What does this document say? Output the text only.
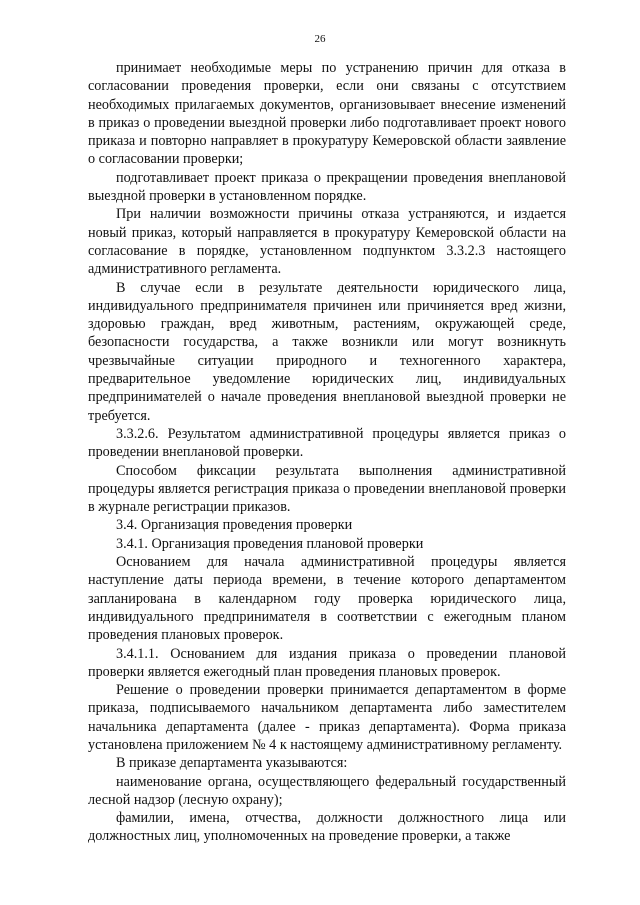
26

принимает необходимые меры по устранению причин для отказа в согласовании проведения проверки, если они связаны с отсутствием необходимых прилагаемых документов, организовывает внесение изменений в приказ о проведении выездной проверки либо подготавливает проект нового приказа и повторно направляет в прокуратуру Кемеровской области заявление о согласовании проверки;

подготавливает проект приказа о прекращении проведения внеплановой выездной проверки в установленном порядке.

При наличии возможности причины отказа устраняются, и издается новый приказ, который направляется в прокуратуру Кемеровской области на согласование в порядке, установленном подпунктом 3.3.2.3 настоящего административного регламента.

В случае если в результате деятельности юридического лица, индивидуального предпринимателя причинен или причиняется вред жизни, здоровью граждан, вред животным, растениям, окружающей среде, безопасности государства, а также возникли или могут возникнуть чрезвычайные ситуации природного и техногенного характера, предварительное уведомление юридических лиц, индивидуальных предпринимателей о начале проведения внеплановой выездной проверки не требуется.

3.3.2.6. Результатом административной процедуры является приказ о проведении внеплановой проверки.

Способом фиксации результата выполнения административной процедуры является регистрация приказа о проведении внеплановой проверки в журнале регистрации приказов.

3.4. Организация проведения проверки

3.4.1. Организация проведения плановой проверки

Основанием для начала административной процедуры является наступление даты периода времени, в течение которого департаментом запланирована в календарном году проверка юридического лица, индивидуального предпринимателя в соответствии с ежегодным планом проведения плановых проверок.

3.4.1.1. Основанием для издания приказа о проведении плановой проверки является ежегодный план проведения плановых проверок.

Решение о проведении проверки принимается департаментом в форме приказа, подписываемого начальником департамента либо заместителем начальника департамента (далее - приказ департамента). Форма приказа установлена приложением № 4 к настоящему административному регламенту.

В приказе департамента указываются:

наименование органа, осуществляющего федеральный государственный лесной надзор (лесную охрану);

фамилии, имена, отчества, должности должностного лица или должностных лиц, уполномоченных на проведение проверки, а также
